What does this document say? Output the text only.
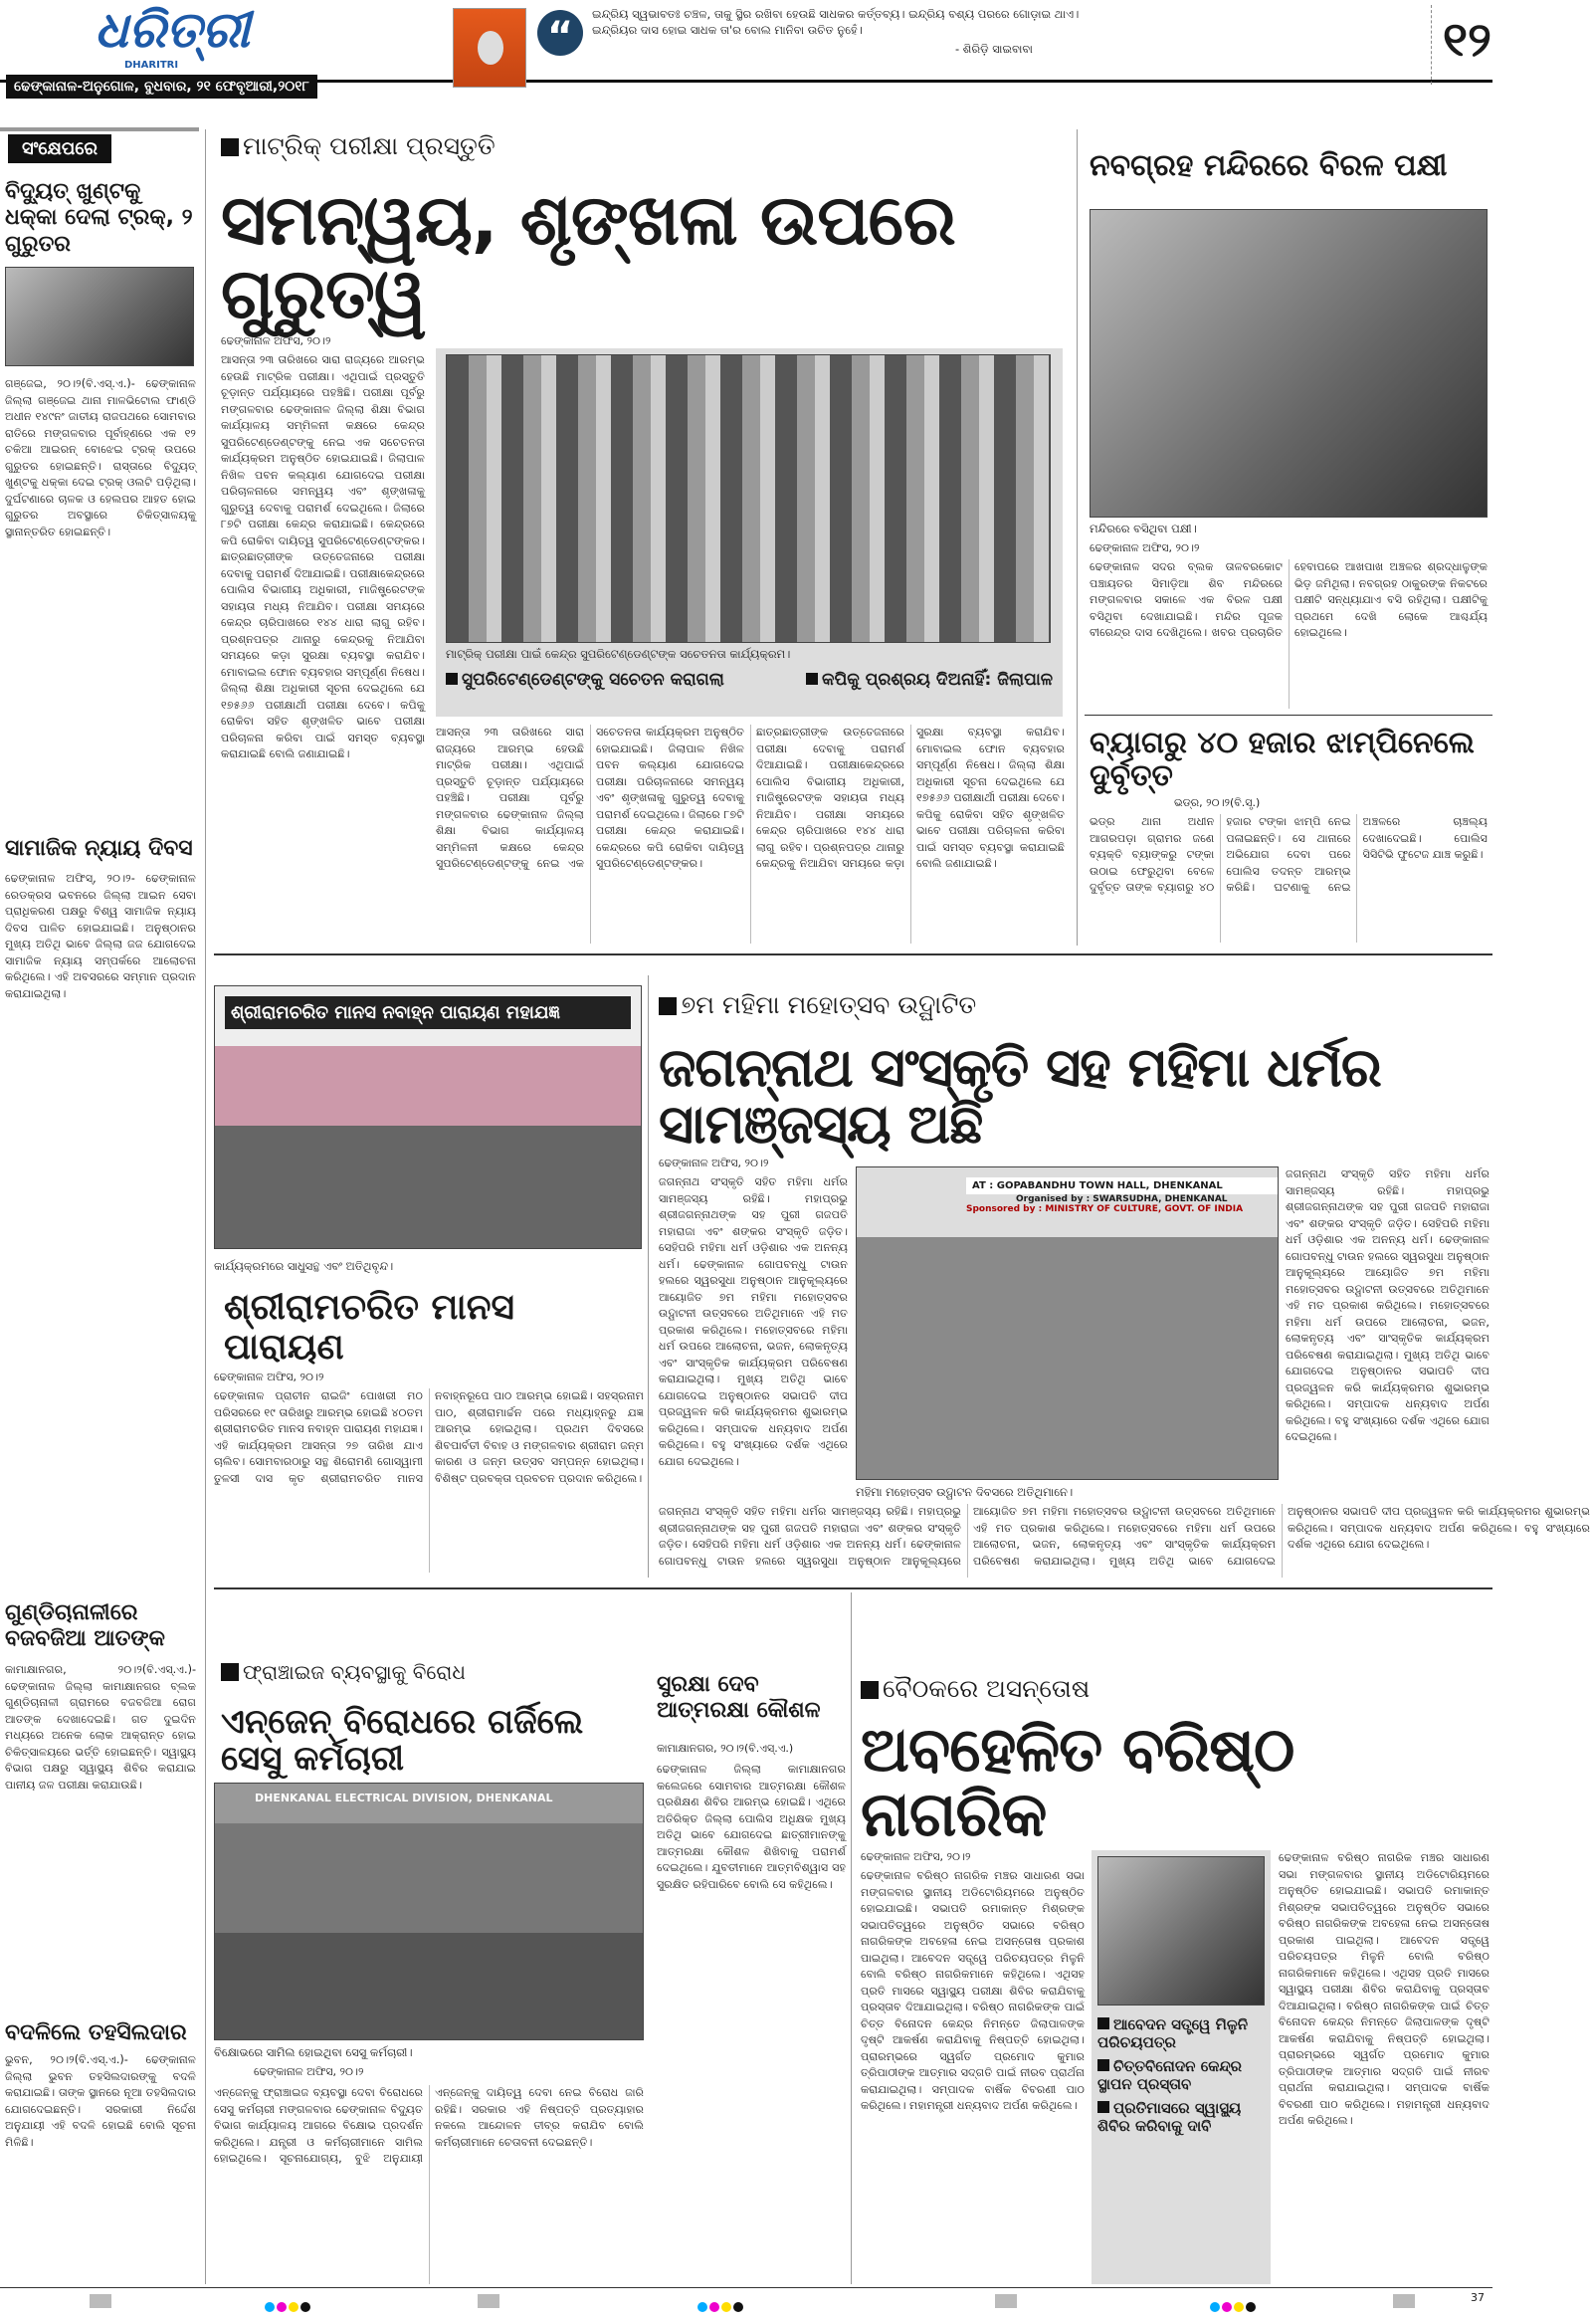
ଧରିତ୍ରୀ
DHARITRI
ଢେଙ୍କାନାଳ-ଅନୁଗୋଳ, ବୁଧବାର, ୨୧ ଫେବୃଆରୀ,୨୦୧୮
“	ଇନ୍ଦ୍ରିୟ ସ୍ୱଭାବତଃ ଚଞ୍ଚଳ, ତାକୁ ସ୍ଥିର ରଖିବା ହେଉଛି ସାଧକର କର୍ତ୍ତବ୍ୟ। ଇନ୍ଦ୍ରିୟ ବଶ୍ୟ ପରରେ ଗୋଡ଼ାଇ ଥାଏ। ଇନ୍ଦ୍ରିୟର ଦାସ ହୋଇ ସାଧକ ତା'ର ବୋଲ ମାନିବା ଉଚିତ ନୁହେଁ।
- ଶିରିଡ଼ି ସାଇବାବା	୧୨
ସଂକ୍ଷେପରେ
ବିଦ୍ୟୁତ୍ ଖୁଣ୍ଟକୁ ଧକ୍କା ଦେଲା ଟ୍ରକ୍, ୨ ଗୁରୁତର
ଗଞ୍ଜେଇ, ୨୦।୨(ବି.ଏସ୍.ଏ.)- ଢେଙ୍କାନାଳ ଜିଲ୍ଲା ଗଞ୍ଜେଇ ଥାନା ମାଳଭିଟୋଲ ଫାଣ୍ଡି ଅଧୀନ ୧୪୯ନଂ ଜାତୀୟ ରାଜପଥରେ ସୋମବାର ରାତିରେ ମଙ୍ଗଳବାର ପୂର୍ବାହ୍ଣରେ ଏକ ୧୨ ଚକିଆ ଆଇରନ୍ ବୋଝେଇ ଟ୍ରକ୍ ଉପରେ ଗୁରୁତର ହୋଇଛନ୍ତି। ରାସ୍ତାରେ ବିଦ୍ୟୁତ୍ ଖୁଣ୍ଟକୁ ଧକ୍କା ଦେଇ ଟ୍ରକ୍ ଓଲଟି ପଡ଼ିଥିଲା। ଦୁର୍ଘଟଣାରେ ଚାଳକ ଓ ହେଲପର ଆହତ ହୋଇ ଗୁରୁତର ଅବସ୍ଥାରେ ଚିକିତ୍ସାଳୟକୁ ସ୍ଥାନାନ୍ତରିତ ହୋଇଛନ୍ତି।
ସାମାଜିକ ନ୍ୟାୟ ଦିବସ
ଢେଙ୍କାନାଳ ଅଫିସ୍, ୨୦।୨- ଢେଙ୍କାନାଳ ରେଡକ୍ରସ ଭବନରେ ଜିଲ୍ଲା ଆଇନ ସେବା ପ୍ରାଧିକରଣ ପକ୍ଷରୁ ବିଶ୍ୱ ସାମାଜିକ ନ୍ୟାୟ ଦିବସ ପାଳିତ ହୋଇଯାଇଛି। ଅନୁଷ୍ଠାନର ମୁଖ୍ୟ ଅତିଥି ଭାବେ ଜିଲ୍ଲା ଜଜ ଯୋଗଦେଇ ସାମାଜିକ ନ୍ୟାୟ ସମ୍ପର୍କରେ ଆଲୋଚନା କରିଥିଲେ। ଏହି ଅବସରରେ ସମ୍ମାନ ପ୍ରଦାନ କରାଯାଇଥିଲା।
ଗୁଣ୍ଡିଚାନାଳୀରେ ବଜବଜିଆ ଆତଙ୍କ
କାମାକ୍ଷାନଗର, ୨୦।୨(ବି.ଏସ୍.ଏ.)- ଢେଙ୍କାନାଳ ଜିଲ୍ଲା କାମାକ୍ଷାନଗର ବ୍ଲକ ଗୁଣ୍ଡିଚାନାଳୀ ଗ୍ରାମରେ ବଜବଜିଆ ରୋଗ ଆତଙ୍କ ଦେଖାଦେଇଛି। ଗତ ଦୁଇଦିନ ମଧ୍ୟରେ ଅନେକ ଲୋକ ଆକ୍ରାନ୍ତ ହୋଇ ଚିକିତ୍ସାଳୟରେ ଭର୍ତ୍ତି ହୋଇଛନ୍ତି। ସ୍ୱାସ୍ଥ୍ୟ ବିଭାଗ ପକ୍ଷରୁ ସ୍ୱାସ୍ଥ୍ୟ ଶିବିର କରାଯାଇ ପାନୀୟ ଜଳ ପରୀକ୍ଷା କରାଯାଉଛି।
ବଦଳିଲେ ତହସିଲଦାର
ଭୁବନ, ୨୦।୨(ବି.ଏସ୍.ଏ.)- ଢେଙ୍କାନାଳ ଜିଲ୍ଲା ଭୁବନ ତହସିଲଦାରଙ୍କୁ ବଦଳି କରାଯାଇଛି। ତାଙ୍କ ସ୍ଥାନରେ ନୂଆ ତହସିଲଦାର ଯୋଗଦେଇଛନ୍ତି। ସରକାରୀ ନିର୍ଦ୍ଦେଶ ଅନୁଯାୟୀ ଏହି ବଦଳି ହୋଇଛି ବୋଲି ସୂଚନା ମିଳିଛି।
ମାଟ୍ରିକ୍ ପରୀକ୍ଷା ପ୍ରସ୍ତୁତି
ସମନ୍ୱୟ, ଶୃଙ୍ଖଳା ଉପରେ ଗୁରୁତ୍ୱ
ଢେଙ୍କାନାଳ ଅଫିସ, ୨୦।୨
ଆସନ୍ତା ୨୩ ତାରିଖରେ ସାରା ରାଜ୍ୟରେ ଆରମ୍ଭ ହେଉଛି ମାଟ୍ରିକ ପରୀକ୍ଷା। ଏଥିପାଇଁ ପ୍ରସ୍ତୁତି ଚୂଡ଼ାନ୍ତ ପର୍ଯ୍ୟାୟରେ ପହଞ୍ଚିଛି। ପରୀକ୍ଷା ପୂର୍ବରୁ ମଙ୍ଗଳବାର ଢେଙ୍କାନାଳ ଜିଲ୍ଲା ଶିକ୍ଷା ବିଭାଗ କାର୍ଯ୍ୟାଳୟ ସମ୍ମିଳନୀ କକ୍ଷରେ କେନ୍ଦ୍ର ସୁପରିଟେଣ୍ଡେଣ୍ଟଙ୍କୁ ନେଇ ଏକ ସଚେତନତା କାର୍ଯ୍ୟକ୍ରମ ଅନୁଷ୍ଠିତ ହୋଇଯାଇଛି। ଜିଲାପାଳ ନିଖିଳ ପବନ କଲ୍ୟାଣ ଯୋଗଦେଇ ପରୀକ୍ଷା ପରିଚାଳନାରେ ସମନ୍ୱୟ ଏବଂ ଶୃଙ୍ଖଳାକୁ ଗୁରୁତ୍ୱ ଦେବାକୁ ପରାମର୍ଶ ଦେଇଥିଲେ। ଜିଲାରେ ୮୭ଟି ପରୀକ୍ଷା କେନ୍ଦ୍ର କରାଯାଇଛି। କେନ୍ଦ୍ରରେ କପି ରୋକିବା ଦାୟିତ୍ୱ ସୁପରିଟେଣ୍ଡେଣ୍ଟଙ୍କର। ଛାତ୍ରଛାତ୍ରୀଙ୍କ ଉତ୍ତେଜନାରେ ପରୀକ୍ଷା ଦେବାକୁ ପରାମର୍ଶ ଦିଆଯାଇଛି। ପରୀକ୍ଷାକେନ୍ଦ୍ରରେ ପୋଲିସ ବିଭାଗୀୟ ଅଧିକାରୀ, ମାଜିଷ୍ଟ୍ରେଟଙ୍କ ସହାୟତା ମଧ୍ୟ ନିଆଯିବ। ପରୀକ୍ଷା ସମୟରେ କେନ୍ଦ୍ର ଚାରିପାଖରେ ୧୪୪ ଧାରା ଲାଗୁ ରହିବ। ପ୍ରଶ୍ନପତ୍ର ଥାନାରୁ କେନ୍ଦ୍ରକୁ ନିଆଯିବା ସମୟରେ କଡ଼ା ସୁରକ୍ଷା ବ୍ୟବସ୍ଥା କରାଯିବ। ମୋବାଇଲ ଫୋନ ବ୍ୟବହାର ସମ୍ପୂର୍ଣ୍ଣ ନିଷେଧ। ଜିଲ୍ଲା ଶିକ୍ଷା ଅଧିକାରୀ ସୂଚନା ଦେଇଥିଲେ ଯେ ୧୭୫୬୬ ପରୀକ୍ଷାର୍ଥୀ ପରୀକ୍ଷା ଦେବେ। କପିକୁ ରୋକିବା ସହିତ ଶୃଙ୍ଖଳିତ ଭାବେ ପରୀକ୍ଷା ପରିଚାଳନା କରିବା ପାଇଁ ସମସ୍ତ ବ୍ୟବସ୍ଥା କରାଯାଇଛି ବୋଲି ଜଣାଯାଇଛି।
ମାଟ୍ରିକ୍ ପରୀକ୍ଷା ପାଇଁ କେନ୍ଦ୍ର ସୁପରିଟେଣ୍ଡେଣ୍ଟଙ୍କ ସଚେତନତା କାର୍ଯ୍ୟକ୍ରମ।
ସୁପରିଟେଣ୍ଡେଣ୍ଟଙ୍କୁ ସଚେତନ କରାଗଲା	କପିକୁ ପ୍ରଶ୍ରୟ ଦିଅନାହିଁ: ଜିଲାପାଳ
ଆସନ୍ତା ୨୩ ତାରିଖରେ ସାରା ରାଜ୍ୟରେ ଆରମ୍ଭ ହେଉଛି ମାଟ୍ରିକ ପରୀକ୍ଷା। ଏଥିପାଇଁ ପ୍ରସ୍ତୁତି ଚୂଡ଼ାନ୍ତ ପର୍ଯ୍ୟାୟରେ ପହଞ୍ଚିଛି। ପରୀକ୍ଷା ପୂର୍ବରୁ ମଙ୍ଗଳବାର ଢେଙ୍କାନାଳ ଜିଲ୍ଲା ଶିକ୍ଷା ବିଭାଗ କାର୍ଯ୍ୟାଳୟ ସମ୍ମିଳନୀ କକ୍ଷରେ କେନ୍ଦ୍ର ସୁପରିଟେଣ୍ଡେଣ୍ଟଙ୍କୁ ନେଇ ଏକ ସଚେତନତା କାର୍ଯ୍ୟକ୍ରମ ଅନୁଷ୍ଠିତ ହୋଇଯାଇଛି। ଜିଲାପାଳ ନିଖିଳ ପବନ କଲ୍ୟାଣ ଯୋଗଦେଇ ପରୀକ୍ଷା ପରିଚାଳନାରେ ସମନ୍ୱୟ ଏବଂ ଶୃଙ୍ଖଳାକୁ ଗୁରୁତ୍ୱ ଦେବାକୁ ପରାମର୍ଶ ଦେଇଥିଲେ। ଜିଲାରେ ୮୭ଟି ପରୀକ୍ଷା କେନ୍ଦ୍ର କରାଯାଇଛି। କେନ୍ଦ୍ରରେ କପି ରୋକିବା ଦାୟିତ୍ୱ ସୁପରିଟେଣ୍ଡେଣ୍ଟଙ୍କର। ଛାତ୍ରଛାତ୍ରୀଙ୍କ ଉତ୍ତେଜନାରେ ପରୀକ୍ଷା ଦେବାକୁ ପରାମର୍ଶ ଦିଆଯାଇଛି। ପରୀକ୍ଷାକେନ୍ଦ୍ରରେ ପୋଲିସ ବିଭାଗୀୟ ଅଧିକାରୀ, ମାଜିଷ୍ଟ୍ରେଟଙ୍କ ସହାୟତା ମଧ୍ୟ ନିଆଯିବ। ପରୀକ୍ଷା ସମୟରେ କେନ୍ଦ୍ର ଚାରିପାଖରେ ୧୪୪ ଧାରା ଲାଗୁ ରହିବ। ପ୍ରଶ୍ନପତ୍ର ଥାନାରୁ କେନ୍ଦ୍ରକୁ ନିଆଯିବା ସମୟରେ କଡ଼ା ସୁରକ୍ଷା ବ୍ୟବସ୍ଥା କରାଯିବ। ମୋବାଇଲ ଫୋନ ବ୍ୟବହାର ସମ୍ପୂର୍ଣ୍ଣ ନିଷେଧ। ଜିଲ୍ଲା ଶିକ୍ଷା ଅଧିକାରୀ ସୂଚନା ଦେଇଥିଲେ ଯେ ୧୭୫୬୬ ପରୀକ୍ଷାର୍ଥୀ ପରୀକ୍ଷା ଦେବେ। କପିକୁ ରୋକିବା ସହିତ ଶୃଙ୍ଖଳିତ ଭାବେ ପରୀକ୍ଷା ପରିଚାଳନା କରିବା ପାଇଁ ସମସ୍ତ ବ୍ୟବସ୍ଥା କରାଯାଇଛି ବୋଲି ଜଣାଯାଇଛି।
ନବଗ୍ରହ ମନ୍ଦିରରେ ବିରଳ ପକ୍ଷୀ
ମନ୍ଦିରରେ ବସିଥିବା ପକ୍ଷୀ।
ଢେଙ୍କାନାଳ ଅଫିସ, ୨୦।୨
ଢେଙ୍କାନାଳ ସଦର ବ୍ଲକ ତାଳବରକୋଟ ପଞ୍ଚାୟତର ସିମାଡ଼ିଆ ଶିବ ମନ୍ଦିରରେ ମଙ୍ଗଳବାର ସକାଳେ ଏକ ବିରଳ ପକ୍ଷୀ ବସିଥିବା ଦେଖାଯାଇଛି। ମନ୍ଦିର ପୂଜକ ବୀରେନ୍ଦ୍ର ଦାସ ଦେଖିଥିଲେ। ଖବର ପ୍ରଚାରିତ ହେବାପରେ ଆଖପାଖ ଅଞ୍ଚଳର ଶ୍ରଦ୍ଧାଳୁଙ୍କ ଭିଡ଼ ଜମିଥିଲା। ନବଗ୍ରହ ଠାକୁରଙ୍କ ନିକଟରେ ପକ୍ଷୀଟି ସନ୍ଧ୍ୟାଯାଏ ବସି ରହିଥିଲା। ପକ୍ଷୀଟିକୁ ପ୍ରଥମେ ଦେଖି ଲୋକେ ଆଶ୍ଚର୍ଯ୍ୟ ହୋଇଥିଲେ।
ବ୍ୟାଗରୁ ୪୦ ହଜାର ଝାମ୍ପିନେଲେ ଦୁର୍ବୃତ୍ତ
ଭଡ୍ର, ୨୦।୨(ବି.ସୃ.)
ଭଡ୍ର ଥାନା ଅଧୀନ ଆଗରପଡ଼ା ଗ୍ରାମର ଜଣେ ବ୍ୟକ୍ତି ବ୍ୟାଙ୍କରୁ ଟଙ୍କା ଉଠାଇ ଫେରୁଥିବା ବେଳେ ଦୁର୍ବୃତ୍ତ ତାଙ୍କ ବ୍ୟାଗରୁ ୪୦ ହଜାର ଟଙ୍କା ଝାମ୍ପି ନେଇ ପଳାଇଛନ୍ତି। ସେ ଥାନାରେ ଅଭିଯୋଗ ଦେବା ପରେ ପୋଲିସ ତଦନ୍ତ ଆରମ୍ଭ କରିଛି। ଘଟଣାକୁ ନେଇ ଅଞ୍ଚଳରେ ଚାଞ୍ଚଲ୍ୟ ଦେଖାଦେଇଛି। ପୋଲିସ ସିସିଟିଭି ଫୁଟେଜ ଯାଞ୍ଚ କରୁଛି।
ଶ୍ରୀରାମଚରିତ ମାନସ ନବାହ୍ନ ପାରାୟଣ ମହାଯଜ୍ଞ
କାର୍ଯ୍ୟକ୍ରମରେ ସାଧୁସନ୍ଥ ଏବଂ ଅତିଥିବୃନ୍ଦ।
ଶ୍ରୀରାମଚରିତ ମାନସ ପାରାୟଣ
ଢେଙ୍କାନାଳ ଅଫିସ, ୨୦।୨
ଢେଙ୍କାନାଳ ପ୍ରାଚୀନ ରାଇଜିଂ ପୋଖରୀ ମଠ ପରିସରରେ ୧୯ ତାରିଖରୁ ଆରମ୍ଭ ହୋଇଛି ୪୦ତମ ଶ୍ରୀରାମଚରିତ ମାନସ ନବାହ୍ନ ପାରାୟଣ ମହାଯଜ୍ଞ। ଏହି କାର୍ଯ୍ୟକ୍ରମ ଆସନ୍ତା ୨୭ ତାରିଖ ଯାଏ ଚାଲିବ। ସୋମବାରଠାରୁ ସନ୍ଥ ଶିରୋମଣି ଗୋସ୍ୱାମୀ ତୁଳସୀ ଦାସ କୃତ ଶ୍ରୀରାମଚରିତ ମାନସ ନବାହ୍ନରୂପେ ପାଠ ଆରମ୍ଭ ହୋଇଛି। ସହସ୍ରନାମ ପାଠ, ଶ୍ରୀରାମାର୍ଚ୍ଚନ ପରେ ମଧ୍ୟାହ୍ନରୁ ଯଜ୍ଞ ଆରମ୍ଭ ହୋଇଥିଲା। ପ୍ରଥମ ଦିବସରେ ଶିବପାର୍ବତୀ ବିବାହ ଓ ମଙ୍ଗଳବାର ଶ୍ରୀରାମ ଜନ୍ମ କାରଣ ଓ ଜନ୍ମ ଉତ୍ସବ ସମ୍ପନ୍ନ ହୋଇଥିଲା। ବିଶିଷ୍ଟ ପ୍ରବକ୍ତା ପ୍ରବଚନ ପ୍ରଦାନ କରିଥିଲେ।
୭ମ ମହିମା ମହୋତ୍ସବ ଉଦ୍ଘାଟିତ
ଜଗନ୍ନାଥ ସଂସ୍କୃତି ସହ ମହିମା ଧର୍ମର ସାମଞ୍ଜସ୍ୟ ଅଛି
ଢେଙ୍କାନାଳ ଅଫିସ, ୨୦।୨
ଜଗନ୍ନାଥ ସଂସ୍କୃତି ସହିତ ମହିମା ଧର୍ମର ସାମଞ୍ଜସ୍ୟ ରହିଛି। ମହାପ୍ରଭୁ ଶ୍ରୀଜଗନ୍ନାଥଙ୍କ ସହ ପୁରୀ ଗଜପତି ମହାରାଜା ଏବଂ ଶଙ୍କର ସଂସ୍କୃତି ଜଡ଼ିତ। ସେହିପରି ମହିମା ଧର୍ମ ଓଡ଼ିଶାର ଏକ ଅନନ୍ୟ ଧର୍ମ। ଢେଙ୍କାନାଳ ଗୋପବନ୍ଧୁ ଟାଉନ ହଲରେ ସ୍ୱରସୁଧା ଅନୁଷ୍ଠାନ ଆନୁକୂଲ୍ୟରେ ଆୟୋଜିତ ୭ମ ମହିମା ମହୋତ୍ସବର ଉଦ୍ଘାଟନୀ ଉତ୍ସବରେ ଅତିଥିମାନେ ଏହି ମତ ପ୍ରକାଶ କରିଥିଲେ। ମହୋତ୍ସବରେ ମହିମା ଧର୍ମ ଉପରେ ଆଲୋଚନା, ଭଜନ, ଲୋକନୃତ୍ୟ ଏବଂ ସାଂସ୍କୃତିକ କାର୍ଯ୍ୟକ୍ରମ ପରିବେଷଣ କରାଯାଇଥିଲା। ମୁଖ୍ୟ ଅତିଥି ଭାବେ ଯୋଗଦେଇ ଅନୁଷ୍ଠାନର ସଭାପତି ଦୀପ ପ୍ରଜ୍ୱଳନ କରି କାର୍ଯ୍ୟକ୍ରମର ଶୁଭାରମ୍ଭ କରିଥିଲେ। ସମ୍ପାଦକ ଧନ୍ୟବାଦ ଅର୍ପଣ କରିଥିଲେ। ବହୁ ସଂଖ୍ୟାରେ ଦର୍ଶକ ଏଥିରେ ଯୋଗ ଦେଇଥିଲେ।
AT : GOPABANDHU TOWN HALL, DHENKANAL
Organised by : SWARSUDHA, DHENKANAL
Sponsored by : MINISTRY OF CULTURE, GOVT. OF INDIA
ମହିମା ମହୋତ୍ସବ ଉଦ୍ଘାଟନ ଦିବସରେ ଅତିଥିମାନେ।
ଜଗନ୍ନାଥ ସଂସ୍କୃତି ସହିତ ମହିମା ଧର୍ମର ସାମଞ୍ଜସ୍ୟ ରହିଛି। ମହାପ୍ରଭୁ ଶ୍ରୀଜଗନ୍ନାଥଙ୍କ ସହ ପୁରୀ ଗଜପତି ମହାରାଜା ଏବଂ ଶଙ୍କର ସଂସ୍କୃତି ଜଡ଼ିତ। ସେହିପରି ମହିମା ଧର୍ମ ଓଡ଼ିଶାର ଏକ ଅନନ୍ୟ ଧର୍ମ। ଢେଙ୍କାନାଳ ଗୋପବନ୍ଧୁ ଟାଉନ ହଲରେ ସ୍ୱରସୁଧା ଅନୁଷ୍ଠାନ ଆନୁକୂଲ୍ୟରେ ଆୟୋଜିତ ୭ମ ମହିମା ମହୋତ୍ସବର ଉଦ୍ଘାଟନୀ ଉତ୍ସବରେ ଅତିଥିମାନେ ଏହି ମତ ପ୍ରକାଶ କରିଥିଲେ। ମହୋତ୍ସବରେ ମହିମା ଧର୍ମ ଉପରେ ଆଲୋଚନା, ଭଜନ, ଲୋକନୃତ୍ୟ ଏବଂ ସାଂସ୍କୃତିକ କାର୍ଯ୍ୟକ୍ରମ ପରିବେଷଣ କରାଯାଇଥିଲା। ମୁଖ୍ୟ ଅତିଥି ଭାବେ ଯୋଗଦେଇ ଅନୁଷ୍ଠାନର ସଭାପତି ଦୀପ ପ୍ରଜ୍ୱଳନ କରି କାର୍ଯ୍ୟକ୍ରମର ଶୁଭାରମ୍ଭ କରିଥିଲେ। ସମ୍ପାଦକ ଧନ୍ୟବାଦ ଅର୍ପଣ କରିଥିଲେ। ବହୁ ସଂଖ୍ୟାରେ ଦର୍ଶକ ଏଥିରେ ଯୋଗ ଦେଇଥିଲେ।
ଜଗନ୍ନାଥ ସଂସ୍କୃତି ସହିତ ମହିମା ଧର୍ମର ସାମଞ୍ଜସ୍ୟ ରହିଛି। ମହାପ୍ରଭୁ ଶ୍ରୀଜଗନ୍ନାଥଙ୍କ ସହ ପୁରୀ ଗଜପତି ମହାରାଜା ଏବଂ ଶଙ୍କର ସଂସ୍କୃତି ଜଡ଼ିତ। ସେହିପରି ମହିମା ଧର୍ମ ଓଡ଼ିଶାର ଏକ ଅନନ୍ୟ ଧର୍ମ। ଢେଙ୍କାନାଳ ଗୋପବନ୍ଧୁ ଟାଉନ ହଲରେ ସ୍ୱରସୁଧା ଅନୁଷ୍ଠାନ ଆନୁକୂଲ୍ୟରେ ଆୟୋଜିତ ୭ମ ମହିମା ମହୋତ୍ସବର ଉଦ୍ଘାଟନୀ ଉତ୍ସବରେ ଅତିଥିମାନେ ଏହି ମତ ପ୍ରକାଶ କରିଥିଲେ। ମହୋତ୍ସବରେ ମହିମା ଧର୍ମ ଉପରେ ଆଲୋଚନା, ଭଜନ, ଲୋକନୃତ୍ୟ ଏବଂ ସାଂସ୍କୃତିକ କାର୍ଯ୍ୟକ୍ରମ ପରିବେଷଣ କରାଯାଇଥିଲା। ମୁଖ୍ୟ ଅତିଥି ଭାବେ ଯୋଗଦେଇ ଅନୁଷ୍ଠାନର ସଭାପତି ଦୀପ ପ୍ରଜ୍ୱଳନ କରି କାର୍ଯ୍ୟକ୍ରମର ଶୁଭାରମ୍ଭ କରିଥିଲେ। ସମ୍ପାଦକ ଧନ୍ୟବାଦ ଅର୍ପଣ କରିଥିଲେ। ବହୁ ସଂଖ୍ୟାରେ ଦର୍ଶକ ଏଥିରେ ଯୋଗ ଦେଇଥିଲେ।
ଫ୍ରାଞ୍ଚାଇଜ ବ୍ୟବସ୍ଥାକୁ ବିରୋଧ
ଏନ୍‌ଜେନ୍ ବିରୋଧରେ ଗର୍ଜିଲେ ସେସୁ କର୍ମଚାରୀ
DHENKANAL ELECTRICAL DIVISION, DHENKANAL
ବିକ୍ଷୋଭରେ ସାମିଲ ହୋଇଥିବା ସେସୁ କର୍ମଚାରୀ।
ଢେଙ୍କାନାଳ ଅଫିସ, ୨୦।୨
ଏନ୍‌ଜେନ୍‌କୁ ଫ୍ରାଞ୍ଚାଇଜ ବ୍ୟବସ୍ଥା ଦେବା ବିରୋଧରେ ସେସୁ କର୍ମଚାରୀ ମଙ୍ଗଳବାର ଢେଙ୍କାନାଳ ବିଦ୍ୟୁତ ବିଭାଗ କାର୍ଯ୍ୟାଳୟ ଆଗରେ ବିକ୍ଷୋଭ ପ୍ରଦର୍ଶନ କରିଥିଲେ। ଯନ୍ତ୍ରୀ ଓ କର୍ମଚାରୀମାନେ ସାମିଲ ହୋଇଥିଲେ। ସୂଚନାଯୋଗ୍ୟ, ବୁଝି ଅନୁଯାୟୀ ଏନ୍‌ଜେନ୍‌କୁ ଦାୟିତ୍ୱ ଦେବା ନେଇ ବିରୋଧ ଜାରି ରହିଛି। ସରକାର ଏହି ନିଷ୍ପତ୍ତି ପ୍ରତ୍ୟାହାର ନକଲେ ଆନ୍ଦୋଳନ ତୀବ୍ର କରାଯିବ ବୋଲି କର୍ମଚାରୀମାନେ ଚେତାବନୀ ଦେଇଛନ୍ତି।
ସୁରକ୍ଷା ଦେବ ଆତ୍ମରକ୍ଷା କୌଶଳ
କାମାକ୍ଷାନଗର, ୨୦।୨(ବି.ଏସ୍.ଏ.)
ଢେଙ୍କାନାଳ ଜିଲ୍ଲା କାମାକ୍ଷାନଗର କଲେଜରେ ସୋମବାର ଆତ୍ମରକ୍ଷା କୌଶଳ ପ୍ରଶିକ୍ଷଣ ଶିବିର ଆରମ୍ଭ ହୋଇଛି। ଏଥିରେ ଅତିରିକ୍ତ ଜିଲ୍ଲା ପୋଲିସ ଅଧିକ୍ଷକ ମୁଖ୍ୟ ଅତିଥି ଭାବେ ଯୋଗଦେଇ ଛାତ୍ରୀମାନଙ୍କୁ ଆତ୍ମରକ୍ଷା କୌଶଳ ଶିଖିବାକୁ ପରାମର୍ଶ ଦେଇଥିଲେ। ଯୁବତୀମାନେ ଆତ୍ମବିଶ୍ୱାସ ସହ ସୁରକ୍ଷିତ ରହିପାରିବେ ବୋଲି ସେ କହିଥିଲେ।
ବୈଠକରେ ଅସନ୍ତୋଷ
ଅବହେଳିତ ବରିଷ୍ଠ ନାଗରିକ
ଢେଙ୍କାନାଳ ଅଫିସ, ୨୦।୨
ଢେଙ୍କାନାଳ ବରିଷ୍ଠ ନାଗରିକ ମଞ୍ଚର ସାଧାରଣ ସଭା ମଙ୍ଗଳବାର ସ୍ଥାନୀୟ ଅଡିଟୋରିୟମରେ ଅନୁଷ୍ଠିତ ହୋଇଯାଇଛି। ସଭାପତି ରମାକାନ୍ତ ମିଶ୍ରଙ୍କ ସଭାପତିତ୍ୱରେ ଅନୁଷ୍ଠିତ ସଭାରେ ବରିଷ୍ଠ ନାଗରିକଙ୍କ ଅବହେଳା ନେଇ ଅସନ୍ତୋଷ ପ୍ରକାଶ ପାଇଥିଲା। ଆବେଦନ ସତ୍ତ୍ୱେ ପରିଚୟପତ୍ର ମିଳୁନି ବୋଲି ବରିଷ୍ଠ ନାଗରିକମାନେ କହିଥିଲେ। ଏଥିସହ ପ୍ରତି ମାସରେ ସ୍ୱାସ୍ଥ୍ୟ ପରୀକ୍ଷା ଶିବିର କରାଯିବାକୁ ପ୍ରସ୍ତାବ ଦିଆଯାଇଥିଲା। ବରିଷ୍ଠ ନାଗରିକଙ୍କ ପାଇଁ ଚିତ୍ତ ବିନୋଦନ କେନ୍ଦ୍ର ନିମନ୍ତେ ଜିଲାପାଳଙ୍କ ଦୃଷ୍ଟି ଆକର୍ଷଣ କରାଯିବାକୁ ନିଷ୍ପତ୍ତି ହୋଇଥିଲା। ପ୍ରାରମ୍ଭରେ ସ୍ୱର୍ଗତ ପ୍ରମୋଦ କୁମାର ତ୍ରିପାଠୀଙ୍କ ଆତ୍ମାର ସଦ୍‌ଗତି ପାଇଁ ନୀରବ ପ୍ରାର୍ଥନା କରାଯାଇଥିଲା। ସମ୍ପାଦକ ବାର୍ଷିକ ବିବରଣୀ ପାଠ କରିଥିଲେ। ମହାମନ୍ତ୍ରୀ ଧନ୍ୟବାଦ ଅର୍ପଣ କରିଥିଲେ।
ଆବେଦନ ସତ୍ତ୍ୱେ ମିଳୁନି ପରିଚୟପତ୍ର
ଚିତ୍ତବିନୋଦନ କେନ୍ଦ୍ର ସ୍ଥାପନ ପ୍ରସ୍ତାବ
ପ୍ରତିମାସରେ ସ୍ୱାସ୍ଥ୍ୟ ଶିବିର କରିବାକୁ ଦାବି
ଢେଙ୍କାନାଳ ବରିଷ୍ଠ ନାଗରିକ ମଞ୍ଚର ସାଧାରଣ ସଭା ମଙ୍ଗଳବାର ସ୍ଥାନୀୟ ଅଡିଟୋରିୟମରେ ଅନୁଷ୍ଠିତ ହୋଇଯାଇଛି। ସଭାପତି ରମାକାନ୍ତ ମିଶ୍ରଙ୍କ ସଭାପତିତ୍ୱରେ ଅନୁଷ୍ଠିତ ସଭାରେ ବରିଷ୍ଠ ନାଗରିକଙ୍କ ଅବହେଳା ନେଇ ଅସନ୍ତୋଷ ପ୍ରକାଶ ପାଇଥିଲା। ଆବେଦନ ସତ୍ତ୍ୱେ ପରିଚୟପତ୍ର ମିଳୁନି ବୋଲି ବରିଷ୍ଠ ନାଗରିକମାନେ କହିଥିଲେ। ଏଥିସହ ପ୍ରତି ମାସରେ ସ୍ୱାସ୍ଥ୍ୟ ପରୀକ୍ଷା ଶିବିର କରାଯିବାକୁ ପ୍ରସ୍ତାବ ଦିଆଯାଇଥିଲା। ବରିଷ୍ଠ ନାଗରିକଙ୍କ ପାଇଁ ଚିତ୍ତ ବିନୋଦନ କେନ୍ଦ୍ର ନିମନ୍ତେ ଜିଲାପାଳଙ୍କ ଦୃଷ୍ଟି ଆକର୍ଷଣ କରାଯିବାକୁ ନିଷ୍ପତ୍ତି ହୋଇଥିଲା। ପ୍ରାରମ୍ଭରେ ସ୍ୱର୍ଗତ ପ୍ରମୋଦ କୁମାର ତ୍ରିପାଠୀଙ୍କ ଆତ୍ମାର ସଦ୍‌ଗତି ପାଇଁ ନୀରବ ପ୍ରାର୍ଥନା କରାଯାଇଥିଲା। ସମ୍ପାଦକ ବାର୍ଷିକ ବିବରଣୀ ପାଠ କରିଥିଲେ। ମହାମନ୍ତ୍ରୀ ଧନ୍ୟବାଦ ଅର୍ପଣ କରିଥିଲେ।
37
